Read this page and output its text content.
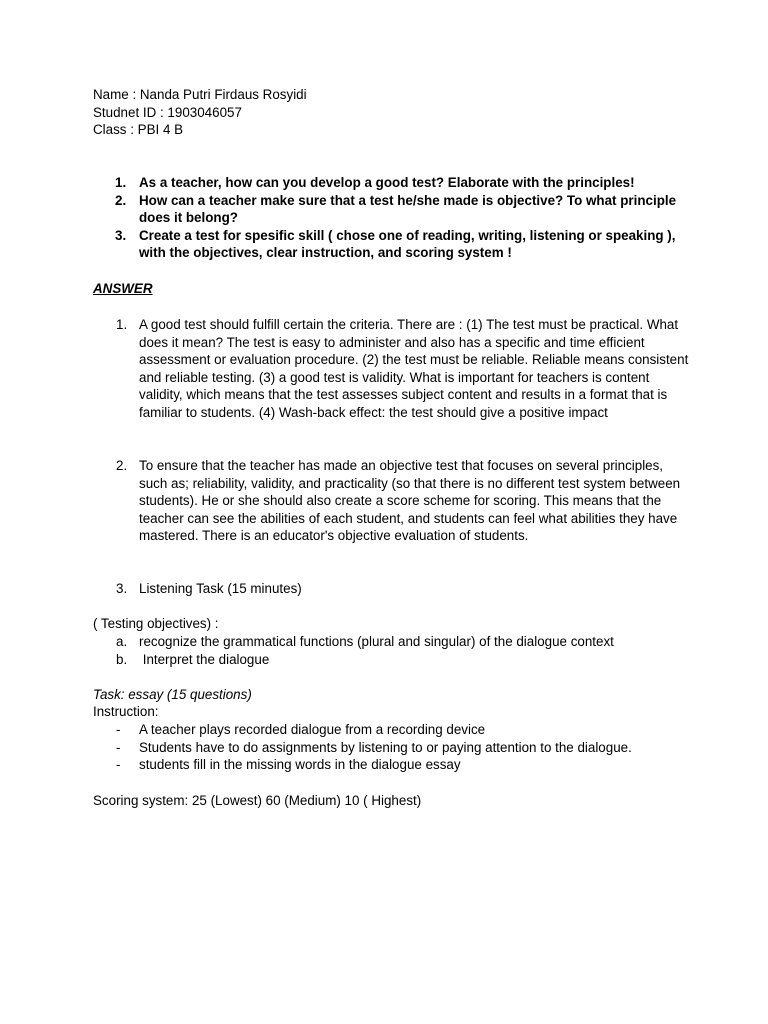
Name : Nanda Putri Firdaus Rosyidi
Studnet ID : 1903046057
Class : PBI 4 B
1. As a teacher, how can you develop a good test? Elaborate with the principles!
2. How can a teacher make sure that a test he/she made is objective? To what principle does it belong?
3. Create a test for spesific skill ( chose one of reading, writing, listening or speaking ), with the objectives, clear instruction, and scoring system !
ANSWER
1. A good test should fulfill certain the criteria. There are : (1) The test must be practical. What does it mean? The test is easy to administer and also has a specific and time efficient assessment or evaluation procedure. (2) the test must be reliable. Reliable means consistent and reliable testing. (3) a good test is validity. What is important for teachers is content validity, which means that the test assesses subject content and results in a format that is familiar to students. (4) Wash-back effect: the test should give a positive impact
2. To ensure that the teacher has made an objective test that focuses on several principles, such as; reliability, validity, and practicality (so that there is no different test system between students). He or she should also create a score scheme for scoring. This means that the teacher can see the abilities of each student, and students can feel what abilities they have mastered. There is an educator's objective evaluation of students.
3. Listening Task (15 minutes)
( Testing objectives) :
a. recognize the grammatical functions (plural and singular) of the dialogue context
b. Interpret the dialogue
Task: essay (15 questions)
Instruction:
- A teacher plays recorded dialogue from a recording device
- Students have to do assignments by listening to or paying attention to the dialogue.
- students fill in the missing words in the dialogue essay
Scoring system: 25 (Lowest) 60 (Medium) 10 ( Highest)
